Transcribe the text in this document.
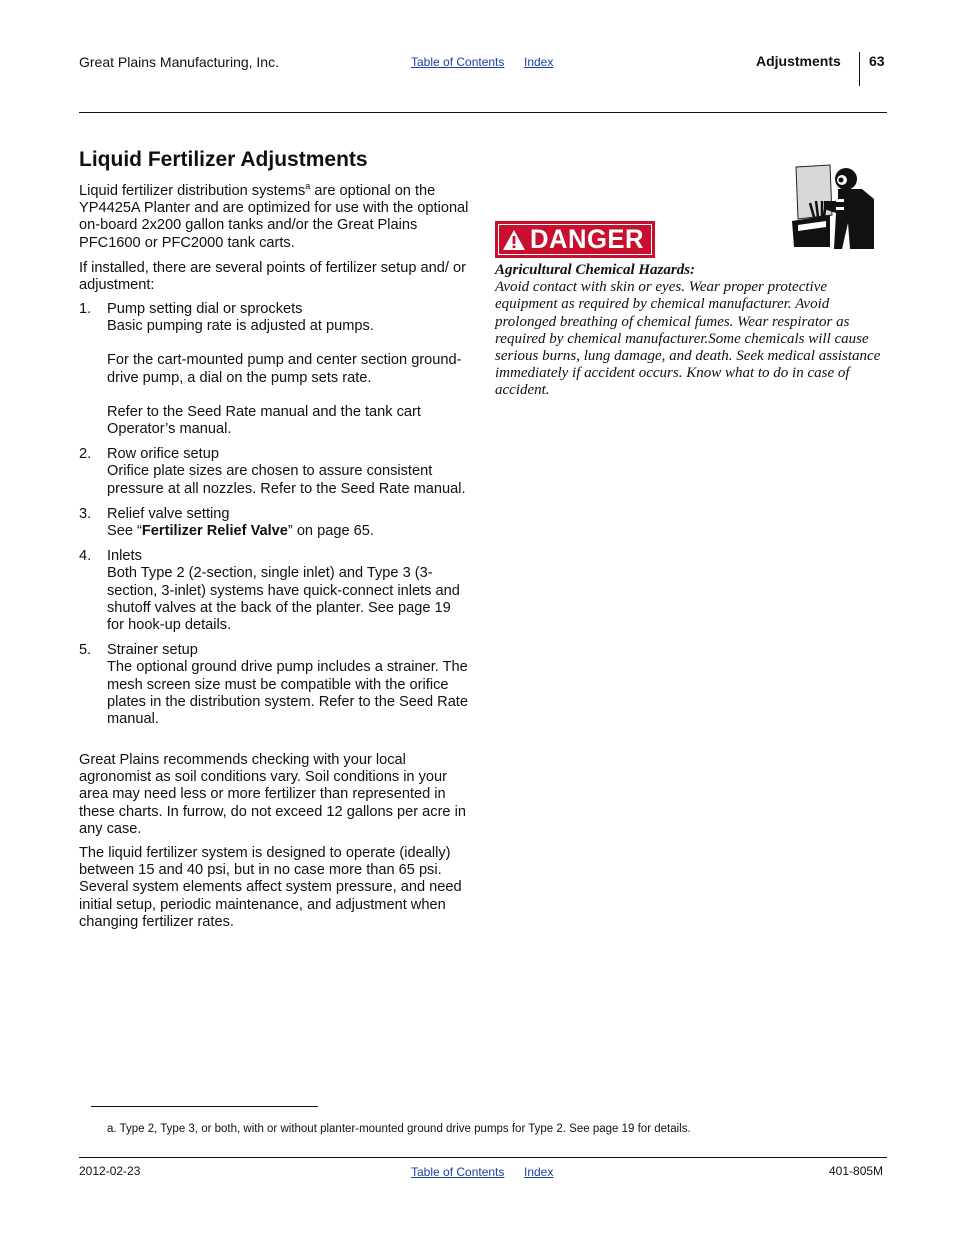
Great Plains Manufacturing, Inc.	Table of Contents Index	Adjustments 63
Liquid Fertilizer Adjustments
Liquid fertilizer distribution systems$^a$ are optional on the YP4425A Planter and are optimized for use with the optional on-board 2x200 gallon tanks and/or the Great Plains PFC1600 or PFC2000 tank carts.
If installed, there are several points of fertilizer setup and/ or adjustment:
1. Pump setting dial or sprockets
Basic pumping rate is adjusted at pumps.
For the cart-mounted pump and center section ground-drive pump, a dial on the pump sets rate.
Refer to the Seed Rate manual and the tank cart Operator’s manual.
2. Row orifice setup
Orifice plate sizes are chosen to assure consistent pressure at all nozzles. Refer to the Seed Rate manual.
3. Relief valve setting
See “Fertilizer Relief Valve” on page 65.
4. Inlets
Both Type 2 (2-section, single inlet) and Type 3 (3-section, 3-inlet) systems have quick-connect inlets and shutoff valves at the back of the planter. See page 19 for hook-up details.
5. Strainer setup
The optional ground drive pump includes a strainer. The mesh screen size must be compatible with the orifice plates in the distribution system. Refer to the Seed Rate manual.
Great Plains recommends checking with your local agronomist as soil conditions vary. Soil conditions in your area may need less or more fertilizer than represented in these charts. In furrow, do not exceed 12 gallons per acre in any case.
The liquid fertilizer system is designed to operate (ideally) between 15 and 40 psi, but in no case more than 65 psi. Several system elements affect system pressure, and need initial setup, periodic maintenance, and adjustment when changing fertilizer rates.
DANGER
Agricultural Chemical Hazards:
Avoid contact with skin or eyes. Wear proper protective equipment as required by chemical manufacturer. Avoid prolonged breathing of chemical fumes. Wear respirator as required by chemical manufacturer.Some chemicals will cause serious burns, lung damage, and death. Seek medical assistance immediately if accident occurs. Know what to do in case of accident.
a. Type 2, Type 3, or both, with or without planter-mounted ground drive pumps for Type 2. See page 19 for details.
2012-02-23	Table of Contents Index	401-805M
